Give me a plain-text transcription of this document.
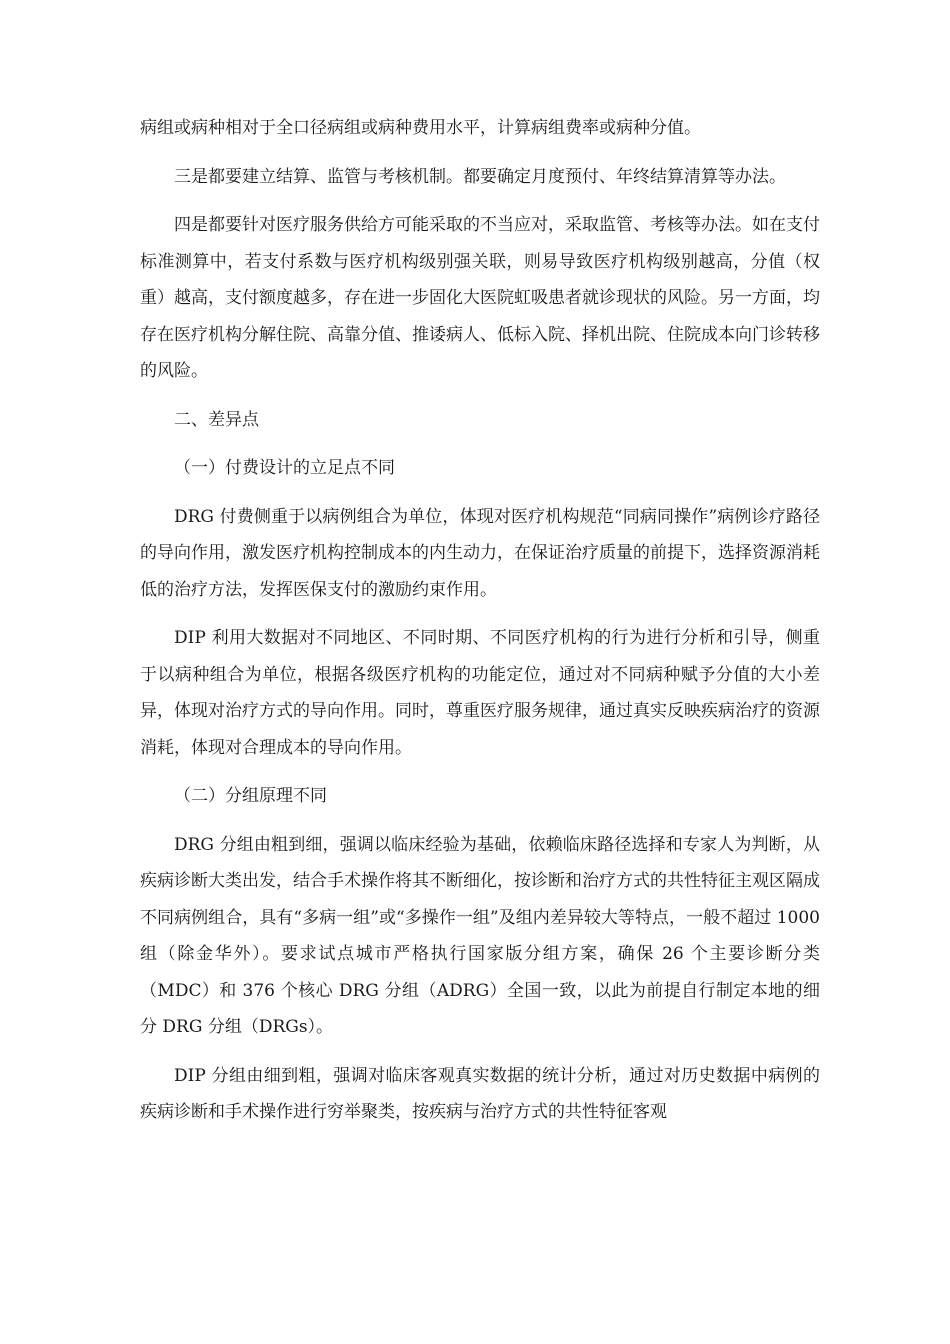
病组或病种相对于全口径病组或病种费用水平，计算病组费率或病种分值。

三是都要建立结算、监管与考核机制。都要确定月度预付、年终结算清算等办法。

四是都要针对医疗服务供给方可能采取的不当应对，采取监管、考核等办法。如在支付标准测算中，若支付系数与医疗机构级别强关联，则易导致医疗机构级别越高，分值（权重）越高，支付额度越多，存在进一步固化大医院虹吸患者就诊现状的风险。另一方面，均存在医疗机构分解住院、高靠分值、推诿病人、低标入院、择机出院、住院成本向门诊转移的风险。

二、差异点

（一）付费设计的立足点不同

DRG 付费侧重于以病例组合为单位，体现对医疗机构规范“同病同操作”病例诊疗路径的导向作用，激发医疗机构控制成本的内生动力，在保证治疗质量的前提下，选择资源消耗低的治疗方法，发挥医保支付的激励约束作用。

DIP 利用大数据对不同地区、不同时期、不同医疗机构的行为进行分析和引导，侧重于以病种组合为单位，根据各级医疗机构的功能定位，通过对不同病种赋予分值的大小差异，体现对治疗方式的导向作用。同时，尊重医疗服务规律，通过真实反映疾病治疗的资源消耗，体现对合理成本的导向作用。

（二）分组原理不同

DRG 分组由粗到细，强调以临床经验为基础，依赖临床路径选择和专家人为判断，从疾病诊断大类出发，结合手术操作将其不断细化，按诊断和治疗方式的共性特征主观区隔成不同病例组合，具有“多病一组”或“多操作一组”及组内差异较大等特点，一般不超过 1000 组（除金华外）。要求试点城市严格执行国家版分组方案，确保 26 个主要诊断分类（MDC）和 376 个核心 DRG 分组（ADRG）全国一致，以此为前提自行制定本地的细分 DRG 分组（DRGs）。

DIP 分组由细到粗，强调对临床客观真实数据的统计分析，通过对历史数据中病例的疾病诊断和手术操作进行穷举聚类，按疾病与治疗方式的共性特征客观
